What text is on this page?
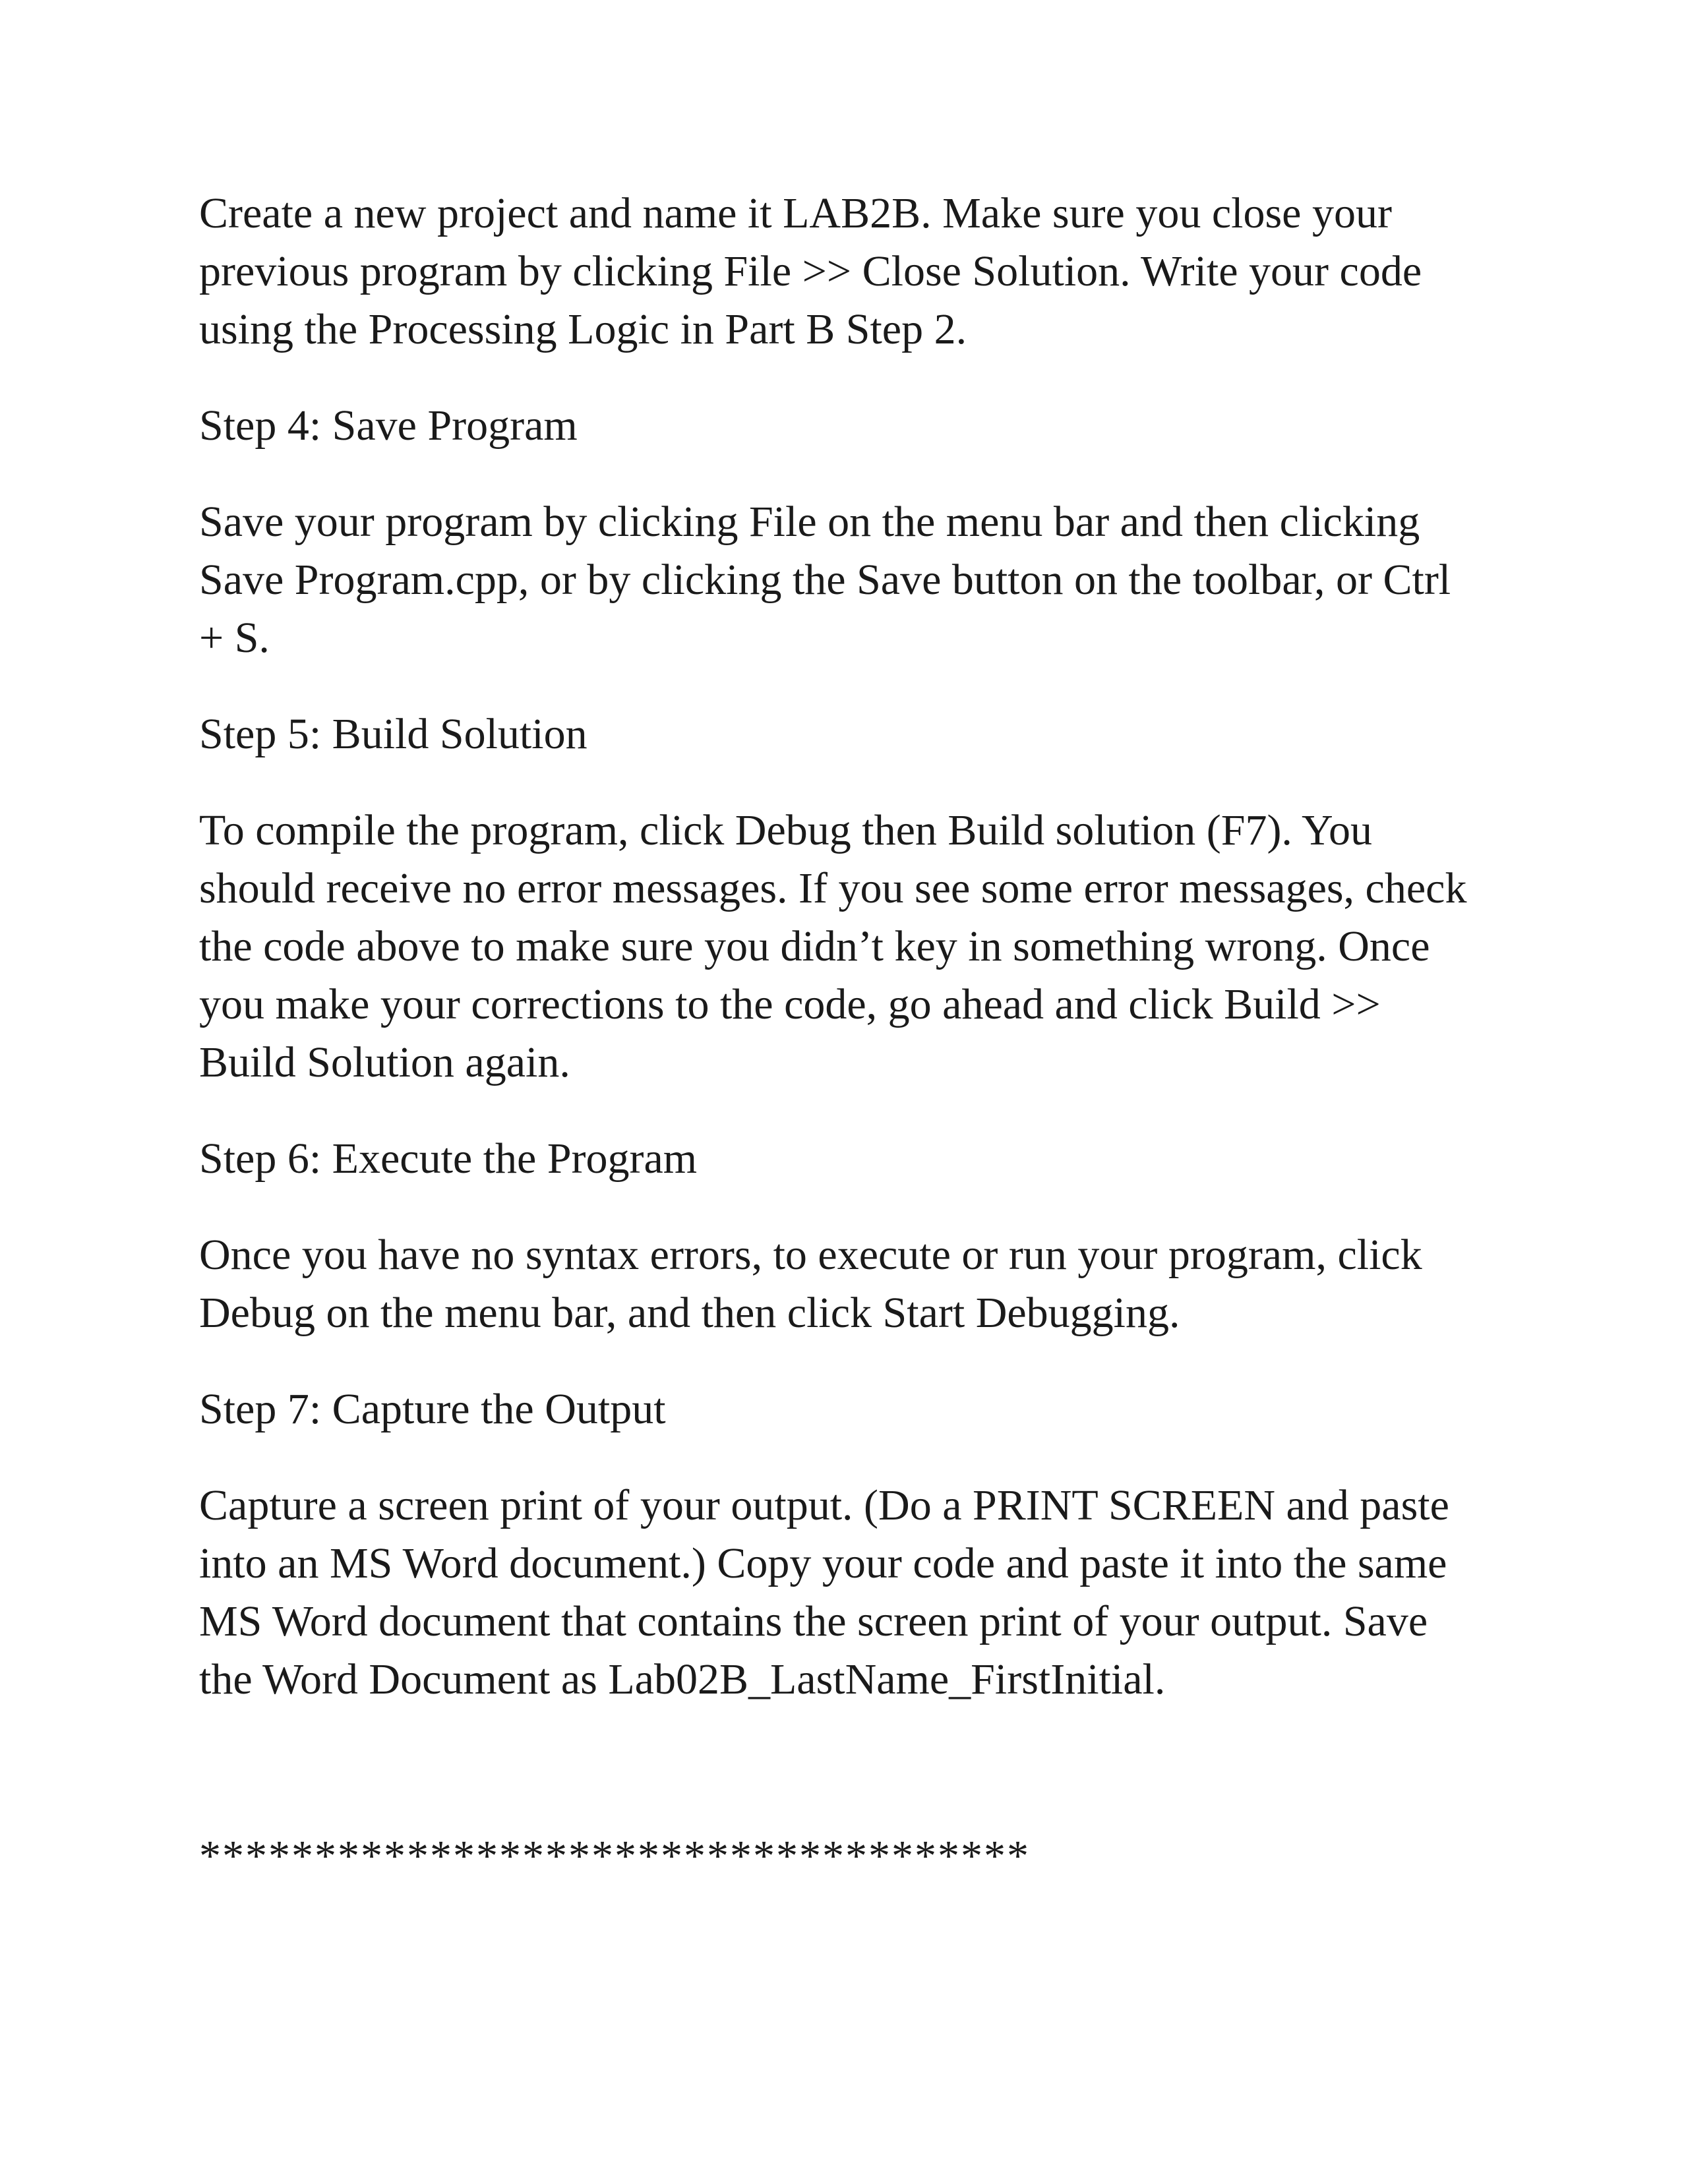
Create a new project and name it LAB2B. Make sure you close your
previous program by clicking File >> Close Solution. Write your code
using the Processing Logic in Part B Step 2.

Step 4: Save Program

Save your program by clicking File on the menu bar and then clicking
Save Program.cpp, or by clicking the Save button on the toolbar, or Ctrl
+ S.

Step 5: Build Solution

To compile the program, click Debug then Build solution (F7). You
should receive no error messages. If you see some error messages, check
the code above to make sure you didn’t key in something wrong. Once
you make your corrections to the code, go ahead and click Build >>
Build Solution again.

Step 6: Execute the Program

Once you have no syntax errors, to execute or run your program, click
Debug on the menu bar, and then click Start Debugging.

Step 7: Capture the Output

Capture a screen print of your output. (Do a PRINT SCREEN and paste
into an MS Word document.) Copy your code and paste it into the same
MS Word document that contains the screen print of your output. Save
the Word Document as Lab02B_LastName_FirstInitial.

************************************
